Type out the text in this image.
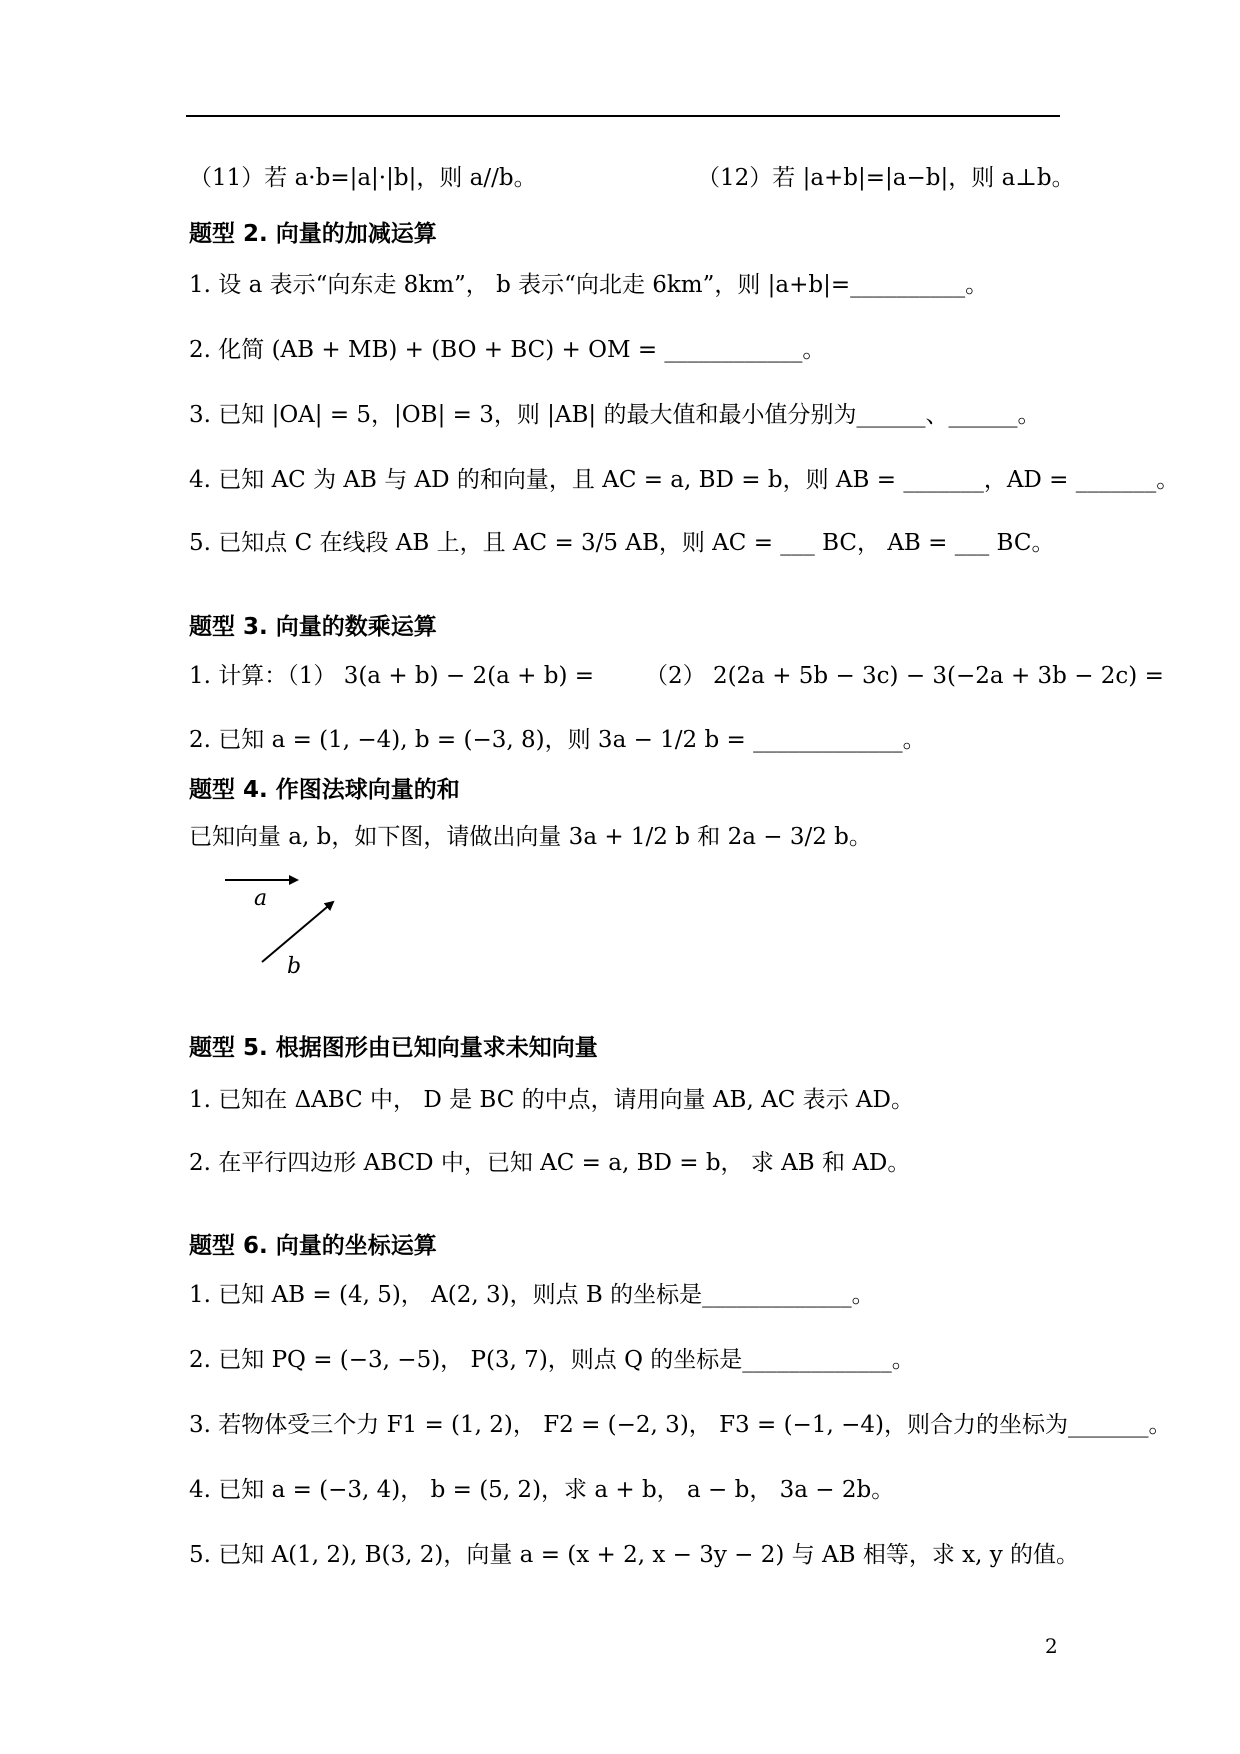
（11）若 a·b=|a|·|b|，则 a//b。	（12）若 |a+b|=|a−b|，则 a⊥b。
题型 2. 向量的加减运算
1. 设 a 表示“向东走 8km”， b 表示“向北走 6km”，则 |a+b|=__________。
2. 化简 (AB + MB) + (BO + BC) + OM = ____________。
3. 已知 |OA| = 5，|OB| = 3，则 |AB| 的最大值和最小值分别为______、______。
4. 已知 AC 为 AB 与 AD 的和向量，且 AC = a, BD = b，则 AB = _______，AD = _______。
5. 已知点 C 在线段 AB 上，且 AC = 3/5 AB，则 AC = ___ BC， AB = ___ BC。
题型 3. 向量的数乘运算
1. 计算：（1） 3(a + b) − 2(a + b) = （2） 2(2a + 5b − 3c) − 3(−2a + 3b − 2c) =
2. 已知 a = (1, −4), b = (−3, 8)，则 3a − 1/2 b = _____________。
题型 4. 作图法球向量的和
已知向量 a, b，如下图，请做出向量 3a + 1/2 b 和 2a − 3/2 b。
a
b
题型 5. 根据图形由已知向量求未知向量
1. 已知在 ΔABC 中， D 是 BC 的中点，请用向量 AB, AC 表示 AD。
2. 在平行四边形 ABCD 中，已知 AC = a, BD = b， 求 AB 和 AD。
题型 6. 向量的坐标运算
1. 已知 AB = (4, 5)， A(2, 3)，则点 B 的坐标是_____________。
2. 已知 PQ = (−3, −5)， P(3, 7)，则点 Q 的坐标是_____________。
3. 若物体受三个力 F1 = (1, 2)， F2 = (−2, 3)， F3 = (−1, −4)，则合力的坐标为_______。
4. 已知 a = (−3, 4)， b = (5, 2)，求 a + b， a − b， 3a − 2b。
5. 已知 A(1, 2), B(3, 2)，向量 a = (x + 2, x − 3y − 2) 与 AB 相等，求 x, y 的值。
2
